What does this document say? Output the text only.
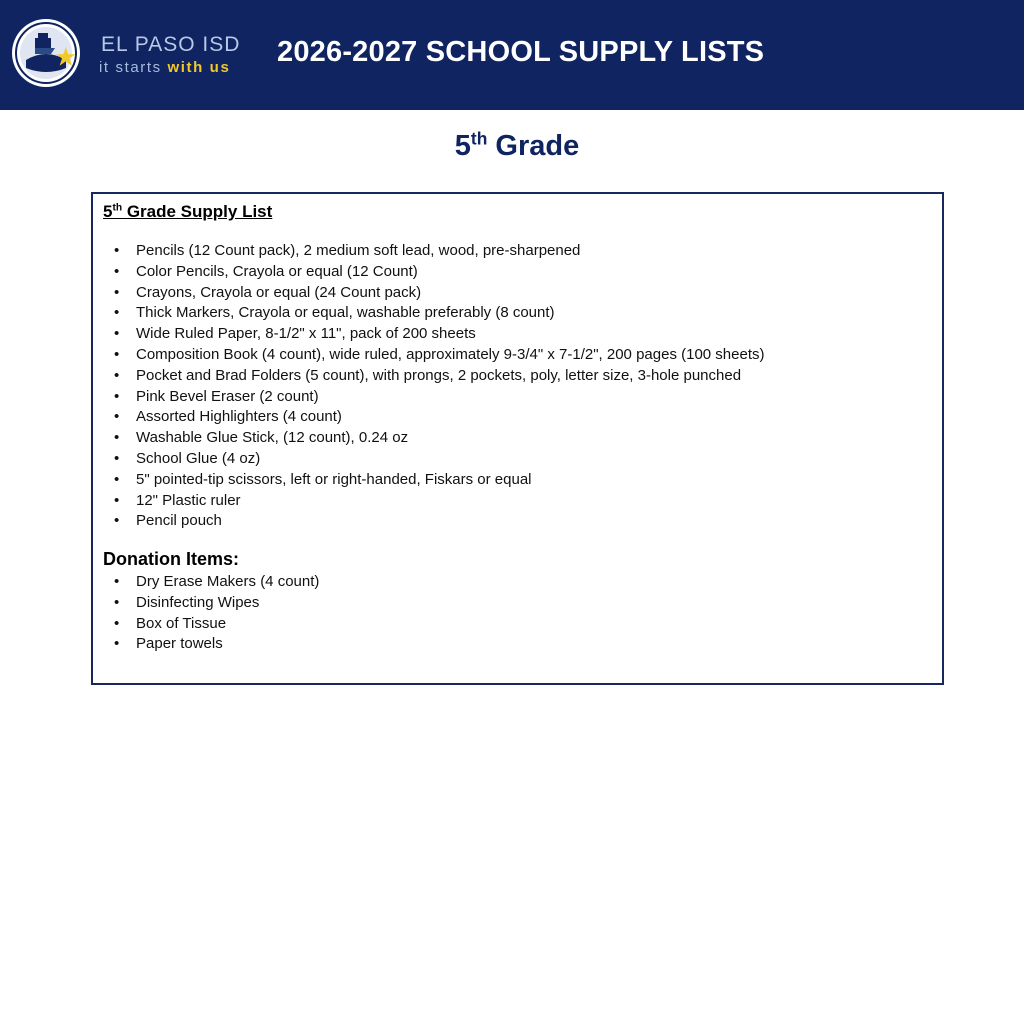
EL PASO ISD
it starts with us 2026-2027 SCHOOL SUPPLY LISTS
5th Grade
5th Grade Supply List
• Pencils (12 Count pack), 2 medium soft lead, wood, pre-sharpened
• Color Pencils, Crayola or equal (12 Count)
• Crayons, Crayola or equal (24 Count pack)
• Thick Markers, Crayola or equal, washable preferably (8 count)
• Wide Ruled Paper, 8-1/2" x 11", pack of 200 sheets
• Composition Book (4 count), wide ruled, approximately 9-3/4" x 7-1/2", 200 pages (100 sheets)
• Pocket and Brad Folders (5 count), with prongs, 2 pockets, poly, letter size, 3-hole punched
• Pink Bevel Eraser (2 count)
• Assorted Highlighters (4 count)
• Washable Glue Stick, (12 count), 0.24 oz
• School Glue (4 oz)
• 5" pointed-tip scissors, left or right-handed, Fiskars or equal
• 12" Plastic ruler
• Pencil pouch
Donation Items:
• Dry Erase Makers (4 count)
• Disinfecting Wipes
• Box of Tissue
• Paper towels
